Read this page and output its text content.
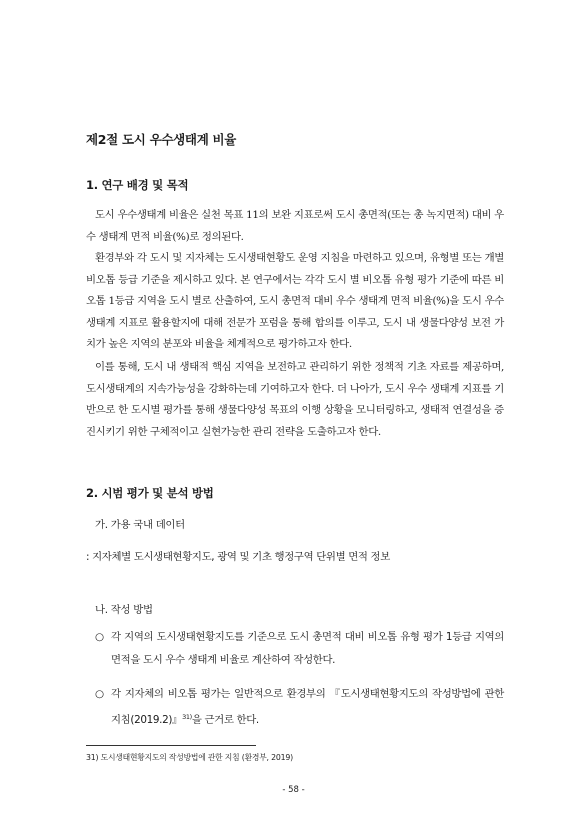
제2절 도시 우수생태계 비율
1. 연구 배경 및 목적

도시 우수생태계 비율은 실천 목표 11의 보완 지표로써 도시 총면적(또는 총 녹지면적) 대비 우수 생태계 면적 비율(%)로 정의된다.

환경부와 각 도시 및 지자체는 도시생태현황도 운영 지침을 마련하고 있으며, 유형별 또는 개별 비오톱 등급 기준을 제시하고 있다. 본 연구에서는 각각 도시 별 비오톱 유형 평가 기준에 따른 비오톱 1등급 지역을 도시 별로 산출하여, 도시 총면적 대비 우수 생태계 면적 비율(%)을 도시 우수 생태계 지표로 활용할지에 대해 전문가 포럼을 통해 합의를 이루고, 도시 내 생물다양성 보전 가치가 높은 지역의 분포와 비율을 체계적으로 평가하고자 한다.

이를 통해, 도시 내 생태적 핵심 지역을 보전하고 관리하기 위한 정책적 기초 자료를 제공하며, 도시생태계의 지속가능성을 강화하는데 기여하고자 한다. 더 나아가, 도시 우수 생태계 지표를 기반으로 한 도시별 평가를 통해 생물다양성 목표의 이행 상황을 모니터링하고, 생태적 연결성을 증진시키기 위한 구체적이고 실현가능한 관리 전략을 도출하고자 한다.

2. 시범 평가 및 분석 방법
가. 가용 국내 데이터
: 지자체별 도시생태현황지도, 광역 및 기초 행정구역 단위별 면적 정보
나. 작성 방법
○ 각 지역의 도시생태현황지도를 기준으로 도시 총면적 대비 비오톱 유형 평가 1등급 지역의 면적을 도시 우수 생태계 비율로 계산하여 작성한다.
○ 각 지자체의 비오톱 평가는 일반적으로 환경부의 『도시생태현황지도의 작성방법에 관한 지침(2019.2)』$^{31)}$을 근거로 한다.
31) 도시생태현황지도의 작성방법에 관한 지침 (환경부, 2019)
- 58 -
